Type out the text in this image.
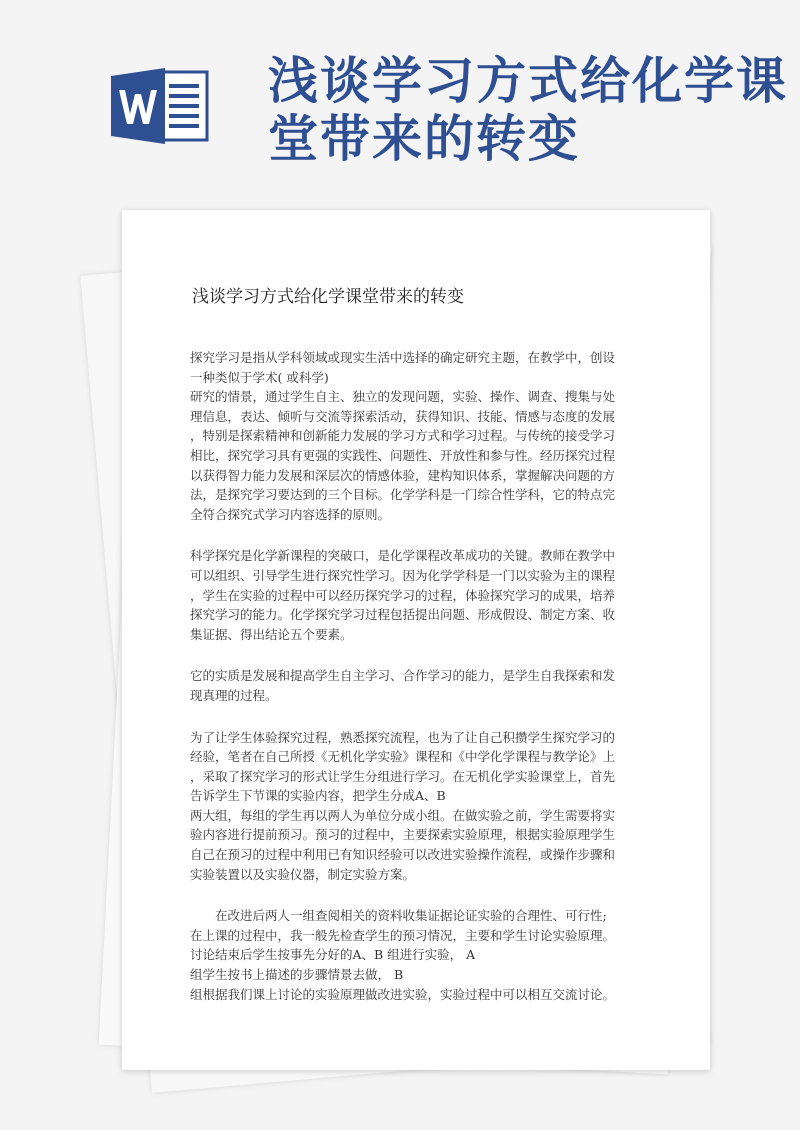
浅谈学习方式给化学课
堂带来的转变
浅谈学习方式给化学课堂带来的转变

探究学习是指从学科领域或现实生活中选择的确定研究主题，在教学中，创设
一种类似于学术( 或科学)
研究的情景，通过学生自主、独立的发现问题，实验、操作、调查、搜集与处
理信息，表达、倾听与交流等探索活动，获得知识、技能、情感与态度的发展
，特别是探索精神和创新能力发展的学习方式和学习过程。与传统的接受学习
相比，探究学习具有更强的实践性、问题性、开放性和参与性。经历探究过程
以获得智力能力发展和深层次的情感体验，建构知识体系，掌握解决问题的方
法，是探究学习要达到的三个目标。化学学科是一门综合性学科，它的特点完
全符合探究式学习内容选择的原则。

科学探究是化学新课程的突破口，是化学课程改革成功的关键。教师在教学中
可以组织、引导学生进行探究性学习。因为化学学科是一门以实验为主的课程
，学生在实验的过程中可以经历探究学习的过程，体验探究学习的成果，培养
探究学习的能力。化学探究学习过程包括提出问题、形成假设、制定方案、收
集证据、得出结论五个要素。

它的实质是发展和提高学生自主学习、合作学习的能力，是学生自我探索和发
现真理的过程。

为了让学生体验探究过程，熟悉探究流程，也为了让自己积攒学生探究学习的
经验，笔者在自己所授《无机化学实验》课程和《中学化学课程与教学论》上
，采取了探究学习的形式让学生分组进行学习。在无机化学实验课堂上，首先
告诉学生下节课的实验内容，把学生分成A、B
两大组，每组的学生再以两人为单位分成小组。在做实验之前，学生需要将实
验内容进行提前预习。预习的过程中，主要探索实验原理，根据实验原理学生
自己在预习的过程中利用已有知识经验可以改进实验操作流程，或操作步骤和
实验装置以及实验仪器，制定实验方案。

在改进后两人一组查阅相关的资料收集证据论证实验的合理性、可行性;
在上课的过程中，我一般先检查学生的预习情况，主要和学生讨论实验原理。
讨论结束后学生按事先分好的A、B 组进行实验， A
组学生按书上描述的步骤情景去做， B
组根据我们课上讨论的实验原理做改进实验，实验过程中可以相互交流讨论。
